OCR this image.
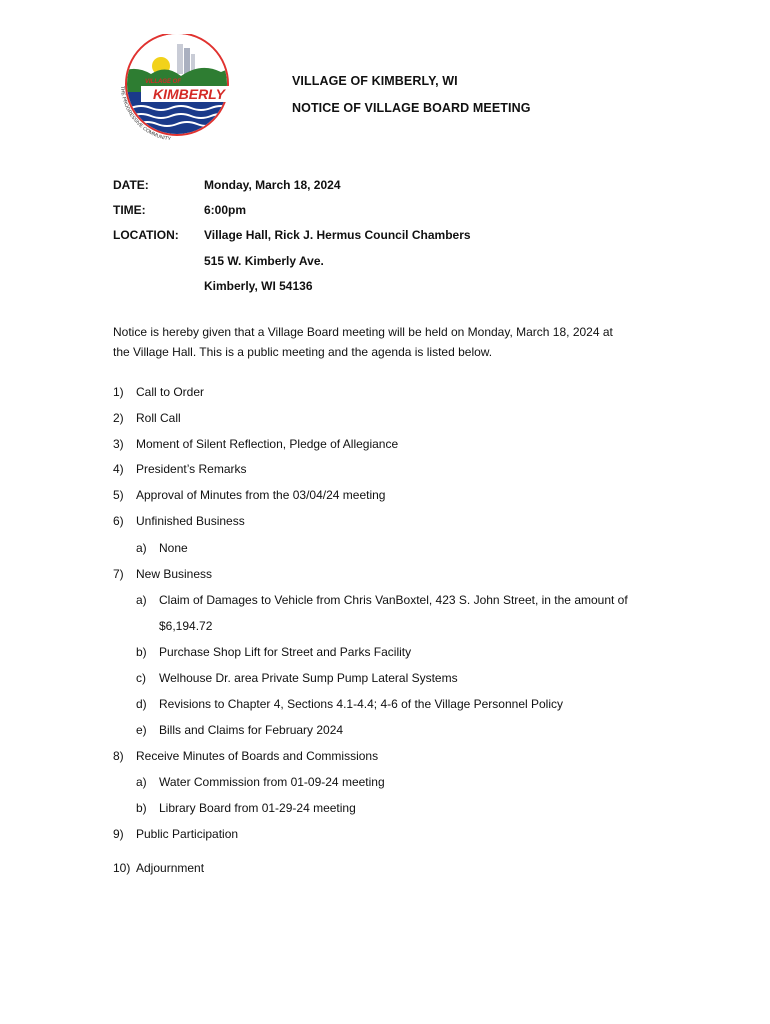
KIMBERLY
VILLAGE OF
THE PROGRESSIVE COMMUNITY
VILLAGE OF KIMBERLY, WI
NOTICE OF VILLAGE BOARD MEETING
DATE:	Monday, March 18, 2024
TIME:	6:00pm
LOCATION: Village Hall, Rick J. Hermus Council Chambers
515 W. Kimberly Ave.
Kimberly, WI 54136
Notice is hereby given that a Village Board meeting will be held on Monday, March 18, 2024 at
the Village Hall. This is a public meeting and the agenda is listed below.
1) Call to Order
2) Roll Call
3) Moment of Silent Reflection, Pledge of Allegiance
4) President’s Remarks
5) Approval of Minutes from the 03/04/24 meeting
6) Unfinished Business
a) None
7) New Business
a) Claim of Damages to Vehicle from Chris VanBoxtel, 423 S. John Street, in the amount of
$6,194.72
b) Purchase Shop Lift for Street and Parks Facility
c) Welhouse Dr. area Private Sump Pump Lateral Systems
d) Revisions to Chapter 4, Sections 4.1-4.4; 4-6 of the Village Personnel Policy
e) Bills and Claims for February 2024
8) Receive Minutes of Boards and Commissions
a) Water Commission from 01-09-24 meeting
b) Library Board from 01-29-24 meeting
9) Public Participation
10) Adjournment
